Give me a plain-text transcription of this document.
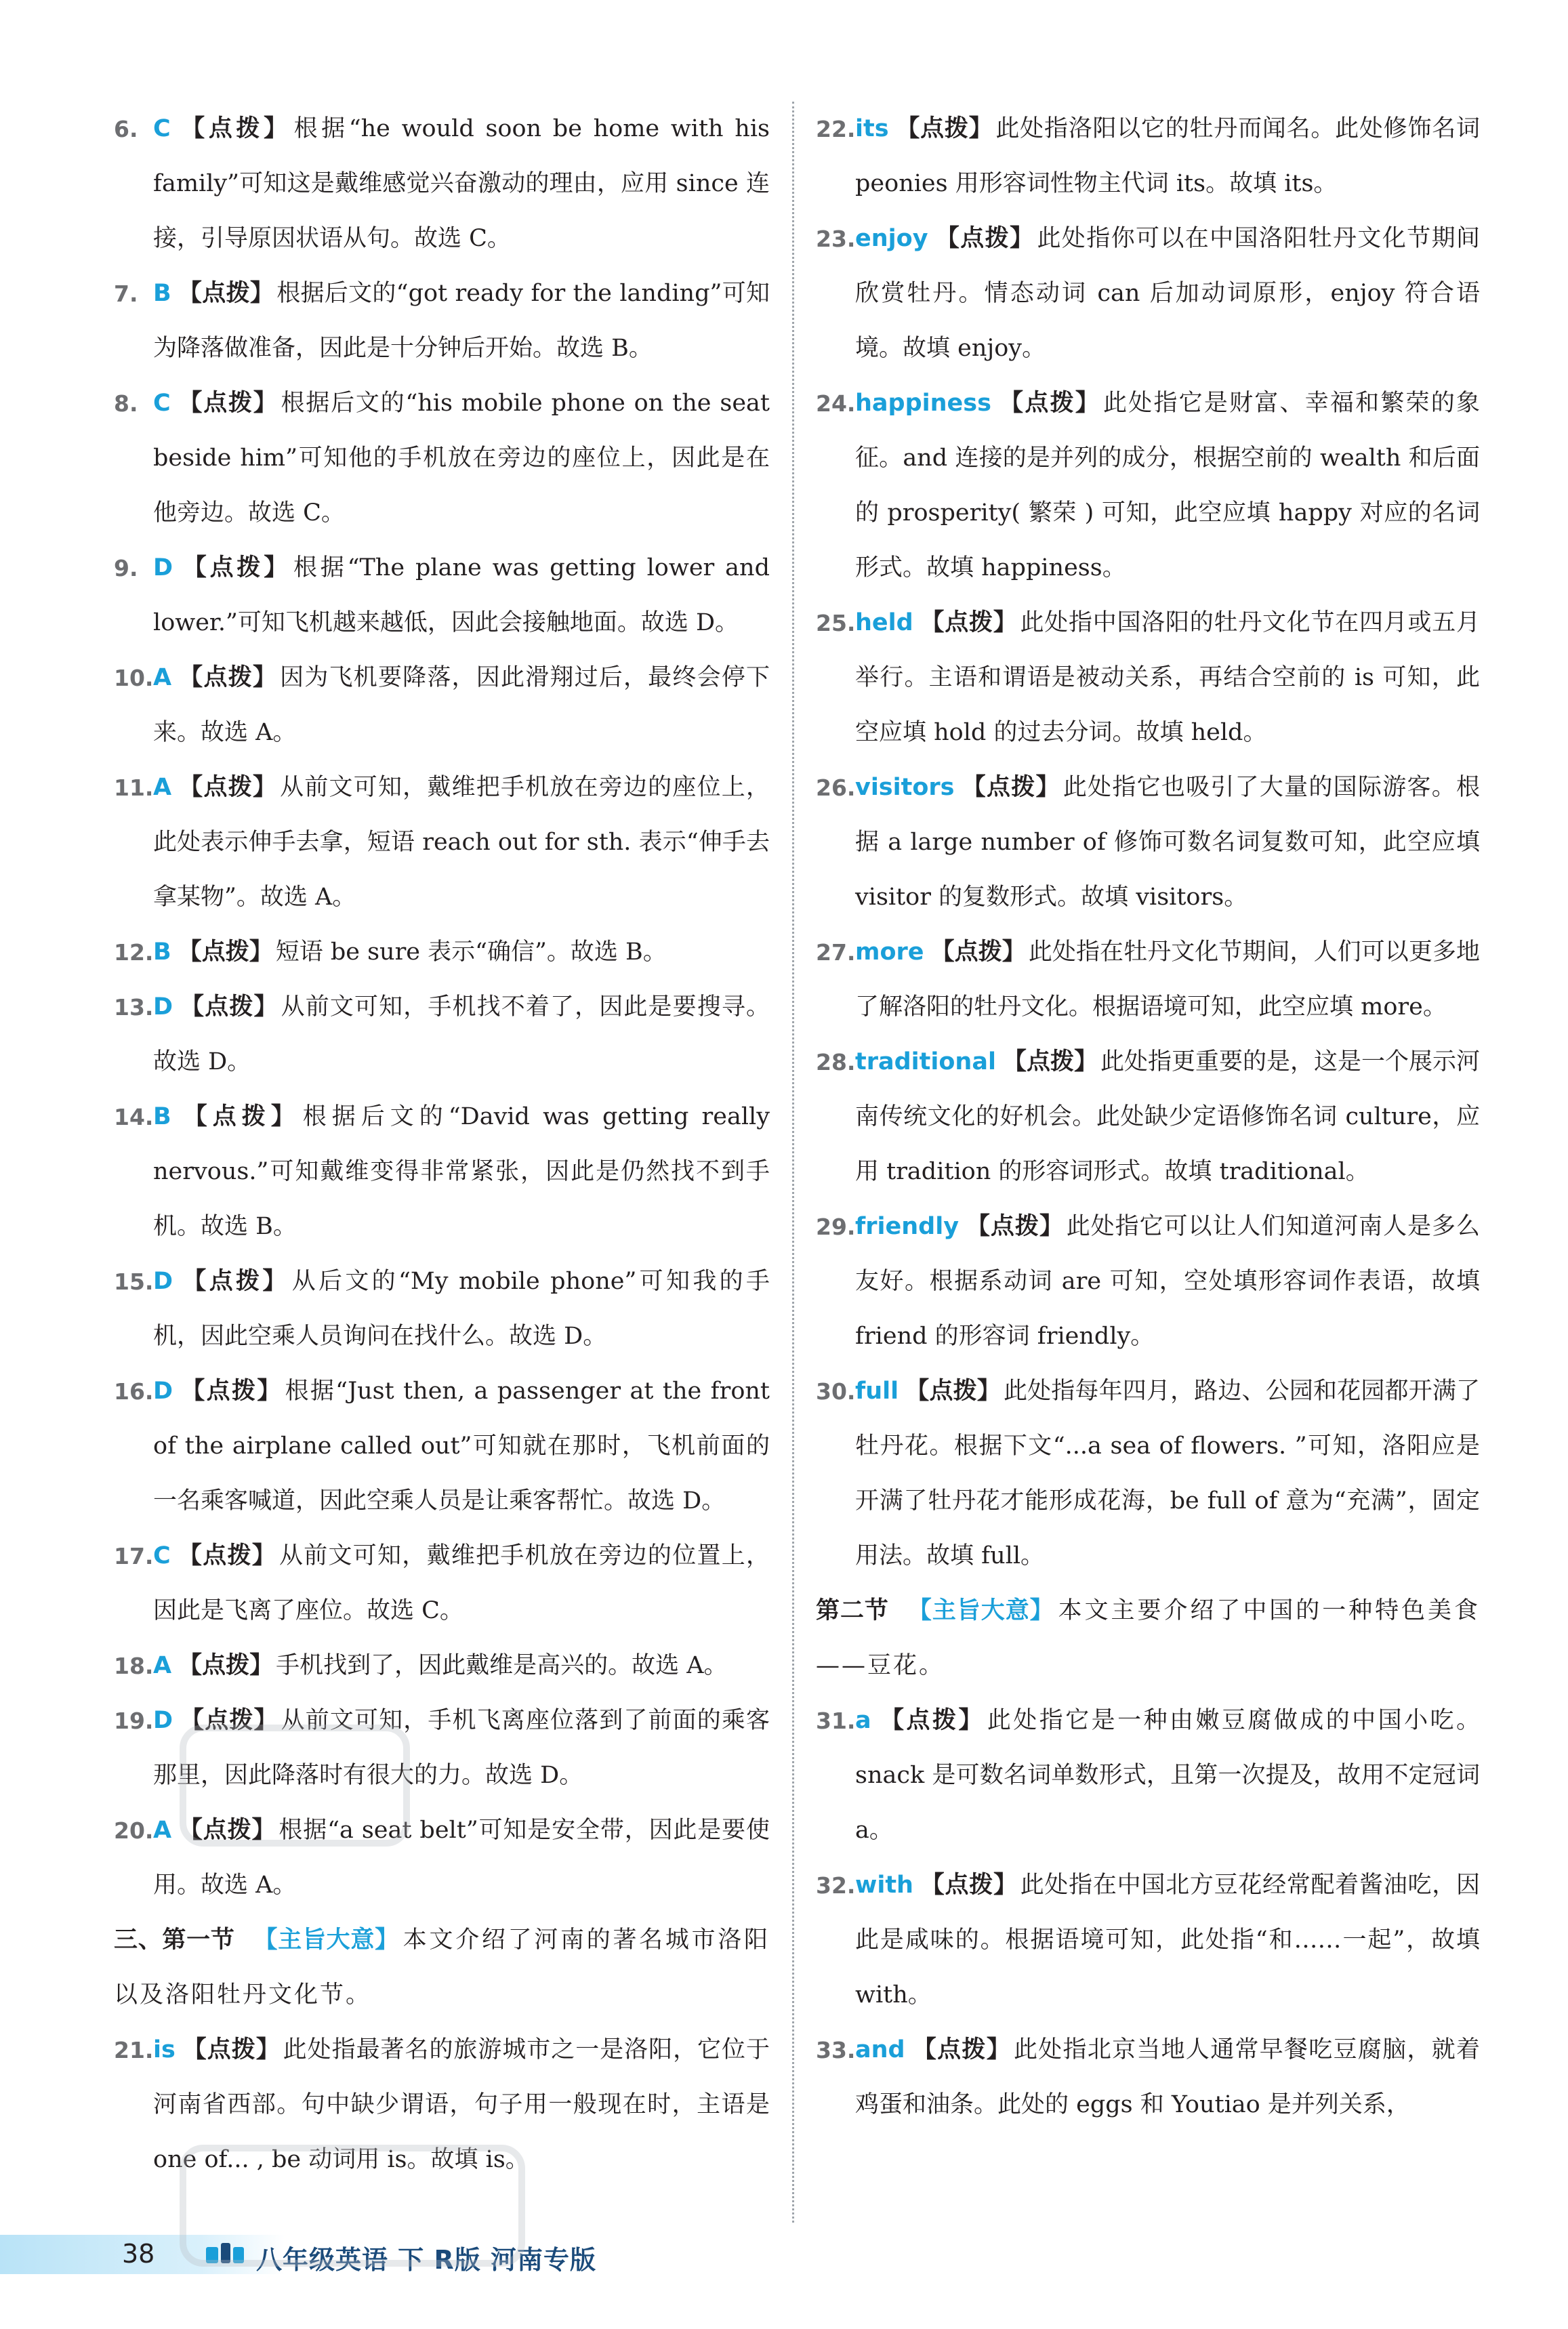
6. C 【点拨】 根据“he would soon be home with his family”可知这是戴维感觉兴奋激动的理由，应用 since 连接，引导原因状语从句。故选 C。
7. B 【点拨】 根据后文的“got ready for the landing”可知为降落做准备，因此是十分钟后开始。故选 B。
8. C 【点拨】 根据后文的“his mobile phone on the seat beside him”可知他的手机放在旁边的座位上，因此是在他旁边。故选 C。
9. D 【点拨】 根据“The plane was getting lower and lower.”可知飞机越来越低，因此会接触地面。故选 D。
10. A 【点拨】 因为飞机要降落，因此滑翔过后，最终会停下来。故选 A。
11. A 【点拨】 从前文可知，戴维把手机放在旁边的座位上，此处表示伸手去拿，短语 reach out for sth. 表示“伸手去拿某物”。故选 A。
12. B 【点拨】 短语 be sure 表示“确信”。故选 B。
13. D 【点拨】 从前文可知，手机找不着了，因此是要搜寻。故选 D。
14. B 【点拨】 根据后文的“David was getting really nervous.”可知戴维变得非常紧张，因此是仍然找不到手机。故选 B。
15. D 【点拨】 从后文的“My mobile phone”可知我的手机，因此空乘人员询问在找什么。故选 D。
16. D 【点拨】 根据“Just then, a passenger at the front of the airplane called out”可知就在那时，飞机前面的一名乘客喊道，因此空乘人员是让乘客帮忙。故选 D。
17. C 【点拨】 从前文可知，戴维把手机放在旁边的位置上，因此是飞离了座位。故选 C。
18. A 【点拨】 手机找到了，因此戴维是高兴的。故选 A。
19. D 【点拨】 从前文可知，手机飞离座位落到了前面的乘客那里，因此降落时有很大的力。故选 D。
20. A 【点拨】 根据“a seat belt”可知是安全带，因此是要使用。故选 A。
三、第一节 【主旨大意】 本文介绍了河南的著名城市洛阳以及洛阳牡丹文化节。
21. is 【点拨】 此处指最著名的旅游城市之一是洛阳，它位于河南省西部。句中缺少谓语，句子用一般现在时，主语是 one of... , be 动词用 is。故填 is。
22. its 【点拨】 此处指洛阳以它的牡丹而闻名。此处修饰名词 peonies 用形容词性物主代词 its。故填 its。
23. enjoy 【点拨】 此处指你可以在中国洛阳牡丹文化节期间欣赏牡丹。情态动词 can 后加动词原形，enjoy 符合语境。故填 enjoy。
24. happiness 【点拨】 此处指它是财富、幸福和繁荣的象征。and 连接的是并列的成分，根据空前的 wealth 和后面的 prosperity( 繁荣 ) 可知，此空应填 happy 对应的名词形式。故填 happiness。
25. held 【点拨】 此处指中国洛阳的牡丹文化节在四月或五月举行。主语和谓语是被动关系，再结合空前的 is 可知，此空应填 hold 的过去分词。故填 held。
26. visitors 【点拨】 此处指它也吸引了大量的国际游客。根据 a large number of 修饰可数名词复数可知，此空应填 visitor 的复数形式。故填 visitors。
27. more 【点拨】 此处指在牡丹文化节期间，人们可以更多地了解洛阳的牡丹文化。根据语境可知，此空应填 more。
28. traditional 【点拨】 此处指更重要的是，这是一个展示河南传统文化的好机会。此处缺少定语修饰名词 culture，应用 tradition 的形容词形式。故填 traditional。
29. friendly 【点拨】 此处指它可以让人们知道河南人是多么友好。根据系动词 are 可知，空处填形容词作表语，故填 friend 的形容词 friendly。
30. full 【点拨】 此处指每年四月，路边、公园和花园都开满了牡丹花。根据下文“...a sea of flowers. ”可知，洛阳应是开满了牡丹花才能形成花海，be full of 意为“充满”，固定用法。故填 full。
第二节 【主旨大意】 本文主要介绍了中国的一种特色美食——豆花。
31. a 【点拨】 此处指它是一种由嫩豆腐做成的中国小吃。snack 是可数名词单数形式，且第一次提及，故用不定冠词 a。
32. with 【点拨】 此处指在中国北方豆花经常配着酱油吃，因此是咸味的。根据语境可知，此处指“和……一起”，故填 with。
33. and 【点拨】 此处指北京当地人通常早餐吃豆腐脑，就着鸡蛋和油条。此处的 eggs 和 Youtiao 是并列关系，
38	八年级英语 下 R版 河南专版
